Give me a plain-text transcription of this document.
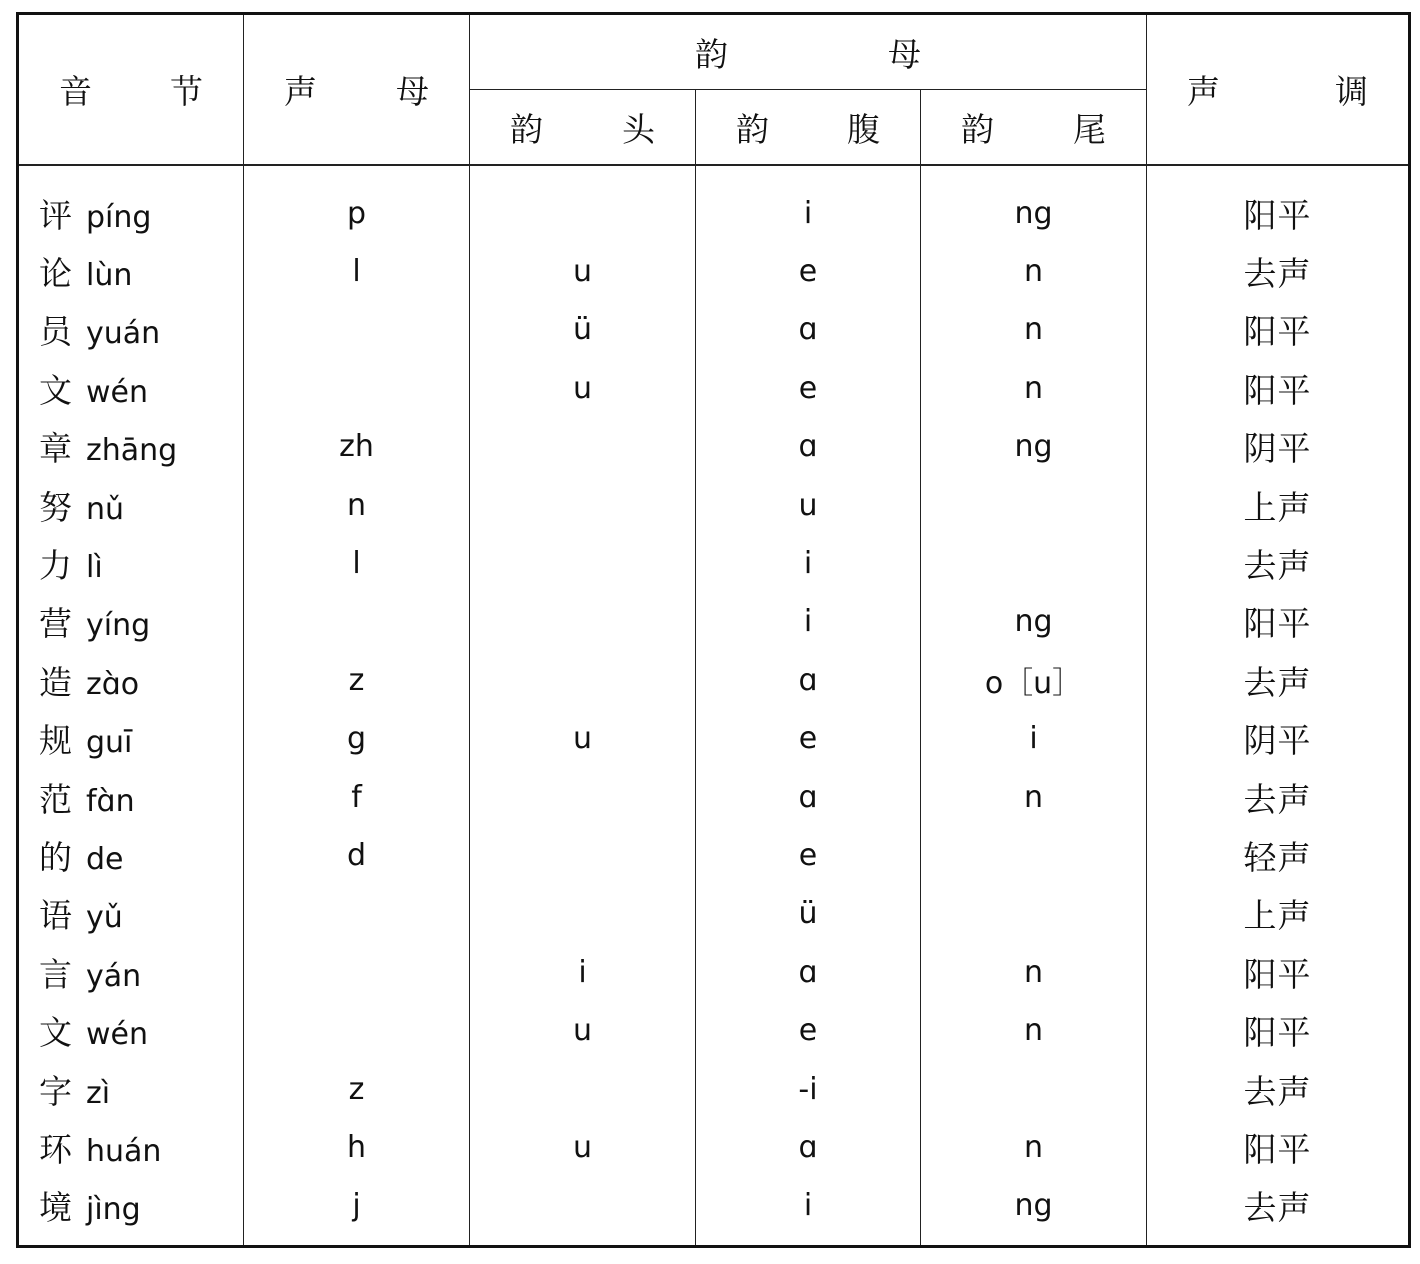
音 节	声 母	韵 母			声 调

		韵 头	韵 腹	韵 尾	

评 píng	p		i	ng	阳平
论 lùn	l	u	e	n	去声
员 yuán		ü	ɑ	n	阳平
文 wén		u	e	n	阳平
章 zhāng	zh		ɑ	ng	阴平
努 nǔ	n		u		上声
力 lì	l		i		去声
营 yíng			i	ng	阳平
造 zɑ̀o	z		ɑ	o［u］	去声
规 guī	g	u	e	i	阴平
范 fɑ̀n	f		ɑ	n	去声
的 de	d		e		轻声
语 yǔ			ü		上声
言 yán		i	ɑ	n	阳平
文 wén		u	e	n	阳平
字 zì	z		-i		去声
环 huán	h	u	ɑ	n	阳平
境 jìng	j		i	ng	去声
